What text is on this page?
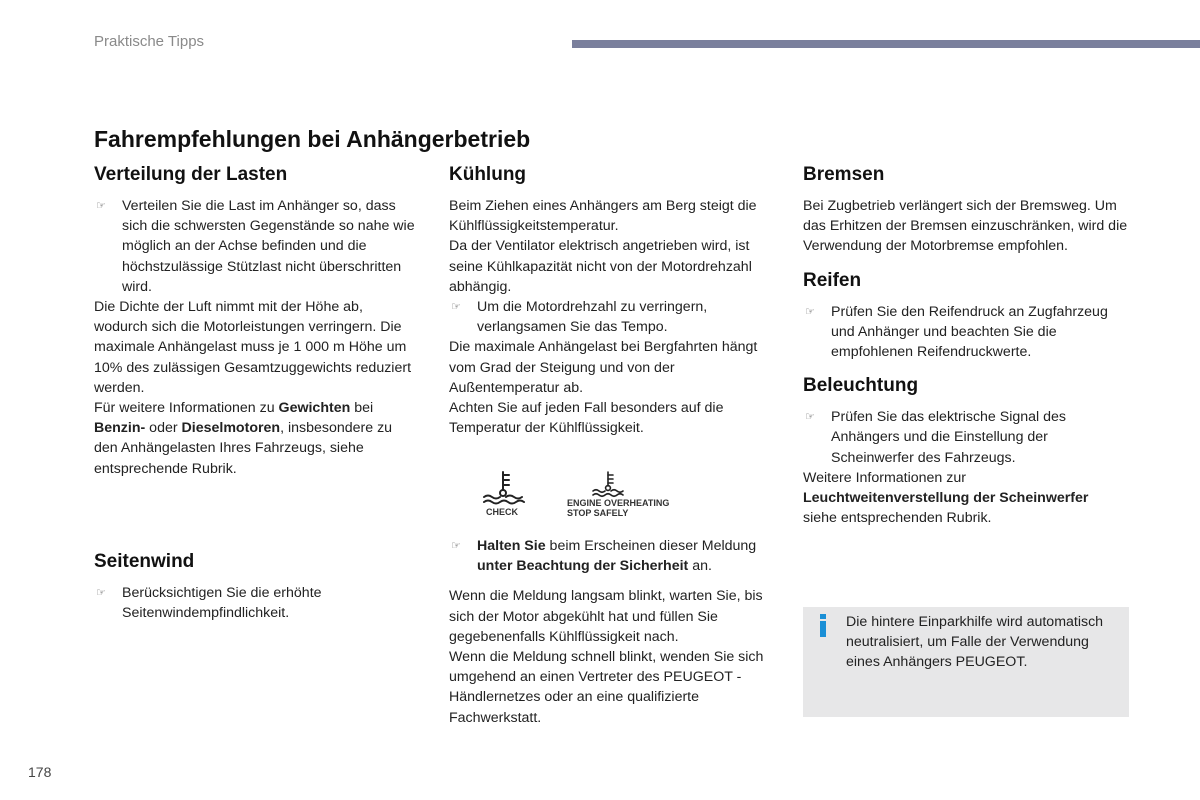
Praktische Tipps
Fahrempfehlungen bei Anhängerbetrieb
Verteilung der Lasten
☞ Verteilen Sie die Last im Anhänger so, dass sich die schwersten Gegenstände so nahe wie möglich an der Achse befinden und die höchstzulässige Stützlast nicht überschritten wird.

Die Dichte der Luft nimmt mit der Höhe ab, wodurch sich die Motorleistungen verringern. Die maximale Anhängelast muss je 1 000 m Höhe um 10% des zulässigen Gesamtzuggewichts reduziert werden.

Für weitere Informationen zu Gewichten bei Benzin- oder Dieselmotoren, insbesondere zu den Anhängelasten Ihres Fahrzeugs, siehe entsprechende Rubrik.

Seitenwind
☞ Berücksichtigen Sie die erhöhte Seitenwindempfindlichkeit.
Kühlung

Beim Ziehen eines Anhängers am Berg steigt die Kühlflüssigkeitstemperatur.

Da der Ventilator elektrisch angetrieben wird, ist seine Kühlkapazität nicht von der Motordrehzahl abhängig.

☞ Um die Motordrehzahl zu verringern, verlangsamen Sie das Tempo.

Die maximale Anhängelast bei Bergfahrten hängt vom Grad der Steigung und von der Außentemperatur ab.

Achten Sie auf jeden Fall besonders auf die Temperatur der Kühlflüssigkeit.

CHECK
ENGINE OVERHEATING
STOP SAFELY
☞ Halten Sie beim Erscheinen dieser Meldung unter Beachtung der Sicherheit an.

Wenn die Meldung langsam blinkt, warten Sie, bis sich der Motor abgekühlt hat und füllen Sie gegebenenfalls Kühlflüssigkeit nach.

Wenn die Meldung schnell blinkt, wenden Sie sich umgehend an einen Vertreter des PEUGEOT -Händlernetzes oder an eine qualifizierte Fachwerkstatt.

Bremsen

Bei Zugbetrieb verlängert sich der Bremsweg. Um das Erhitzen der Bremsen einzuschränken, wird die Verwendung der Motorbremse empfohlen.

Reifen
☞ Prüfen Sie den Reifendruck an Zugfahrzeug und Anhänger und beachten Sie die empfohlenen Reifendruckwerte.
Beleuchtung
☞ Prüfen Sie das elektrische Signal des Anhängers und die Einstellung der Scheinwerfer des Fahrzeugs.

Weitere Informationen zur

Leuchtweitenverstellung der Scheinwerfer

siehe entsprechenden Rubrik.

Die hintere Einparkhilfe wird automatisch neutralisiert, um Falle der Verwendung eines Anhängers PEUGEOT.
178
